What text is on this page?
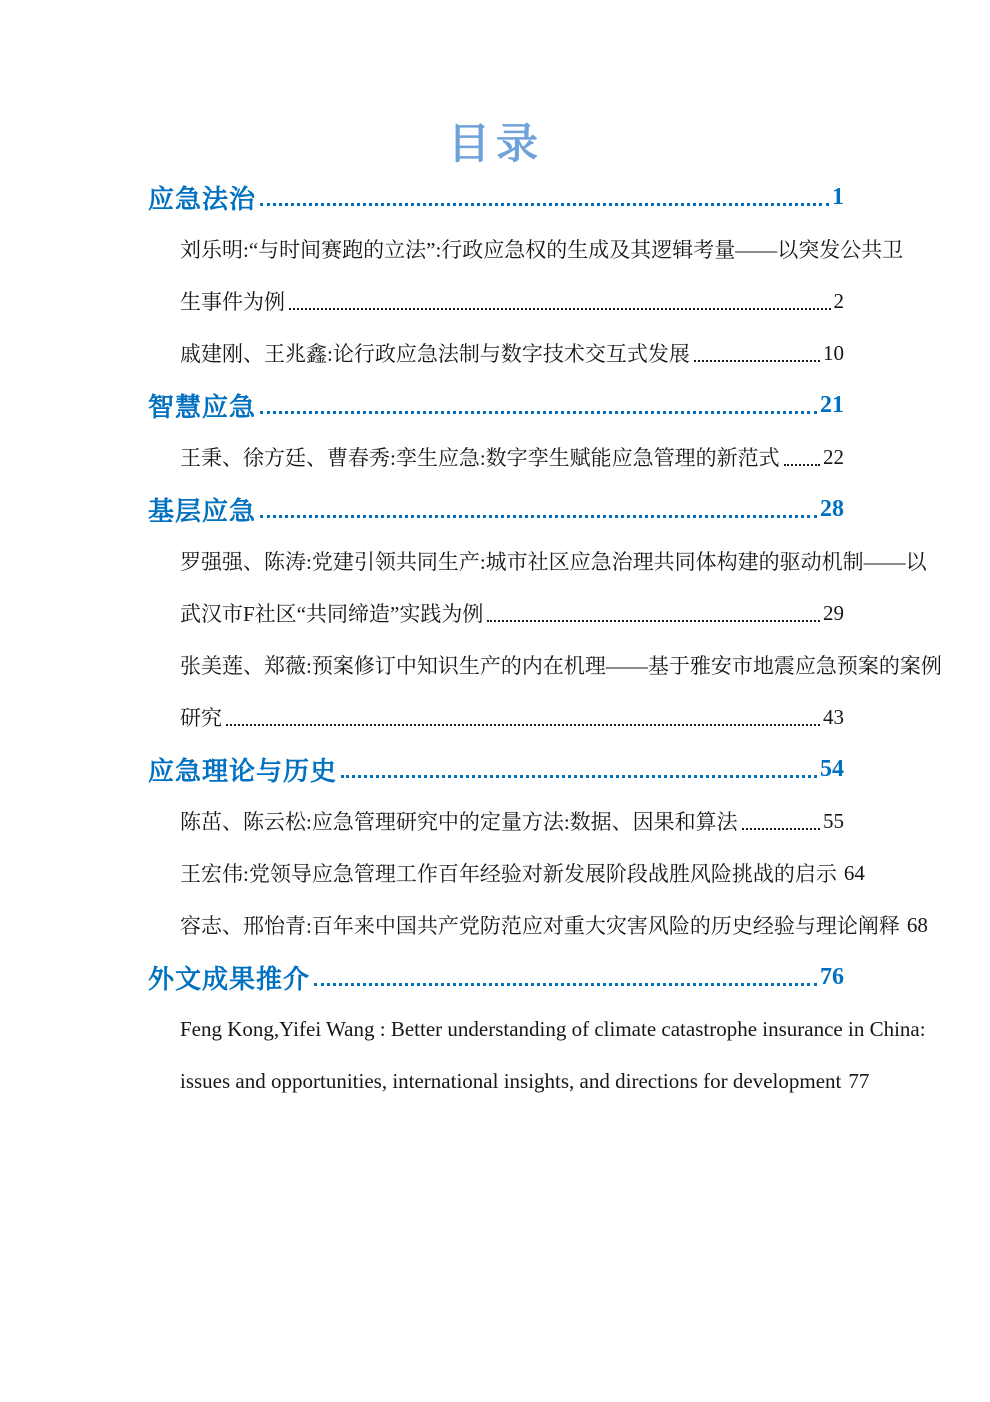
目录
应急法治	1
刘乐明:“与时间赛跑的立法”:行政应急权的生成及其逻辑考量——以突发公共卫
生事件为例	2
戚建刚、王兆鑫:论行政应急法制与数字技术交互式发展	10
智慧应急	21
王秉、徐方廷、曹春秀:孪生应急:数字孪生赋能应急管理的新范式 22
基层应急	28
罗强强、陈涛:党建引领共同生产:城市社区应急治理共同体构建的驱动机制——以
武汉市F社区“共同缔造”实践为例	29
张美莲、郑薇:预案修订中知识生产的内在机理——基于雅安市地震应急预案的案例
研究	43
应急理论与历史	54
陈茁、陈云松:应急管理研究中的定量方法:数据、因果和算法	55
王宏伟:党领导应急管理工作百年经验对新发展阶段战胜风险挑战的启示 64
容志、邢怡青:百年来中国共产党防范应对重大灾害风险的历史经验与理论阐释 68
外文成果推介	76
Feng Kong,Yifei Wang : Better understanding of climate catastrophe insurance in China:
issues and opportunities, international insights, and directions for development 77
